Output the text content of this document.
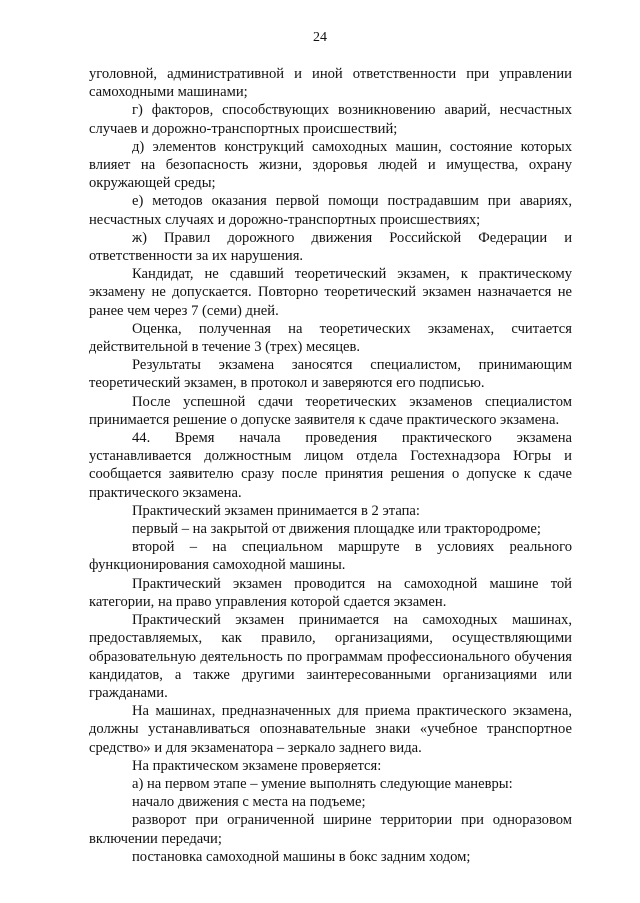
24

уголовной, административной и иной ответственности при управлении самоходными машинами;

г) факторов, способствующих возникновению аварий, несчастных случаев и дорожно-транспортных происшествий;

д) элементов конструкций самоходных машин, состояние которых влияет на безопасность жизни, здоровья людей и имущества, охрану окружающей среды;

е) методов оказания первой помощи пострадавшим при авариях, несчастных случаях и дорожно-транспортных происшествиях;

ж) Правил дорожного движения Российской Федерации и ответственности за их нарушения.

Кандидат, не сдавший теоретический экзамен, к практическому экзамену не допускается. Повторно теоретический экзамен назначается не ранее чем через 7 (семи) дней.

Оценка, полученная на теоретических экзаменах, считается действительной в течение 3 (трех) месяцев.

Результаты экзамена заносятся специалистом, принимающим теоретический экзамен, в протокол и заверяются его подписью.

После успешной сдачи теоретических экзаменов специалистом принимается решение о допуске заявителя к сдаче практического экзамена.

44. Время начала проведения практического экзамена устанавливается должностным лицом отдела Гостехнадзора Югры и сообщается заявителю сразу после принятия решения о допуске к сдаче практического экзамена.

Практический экзамен принимается в 2 этапа:

первый – на закрытой от движения площадке или трактородроме;

второй – на специальном маршруте в условиях реального функционирования самоходной машины.

Практический экзамен проводится на самоходной машине той категории, на право управления которой сдается экзамен.

Практический экзамен принимается на самоходных машинах, предоставляемых, как правило, организациями, осуществляющими образовательную деятельность по программам профессионального обучения кандидатов, а также другими заинтересованными организациями или гражданами.

На машинах, предназначенных для приема практического экзамена, должны устанавливаться опознавательные знаки «учебное транспортное средство» и для экзаменатора – зеркало заднего вида.

На практическом экзамене проверяется:

а) на первом этапе – умение выполнять следующие маневры:

начало движения с места на подъеме;

разворот при ограниченной ширине территории при одноразовом включении передачи;

постановка самоходной машины в бокс задним ходом;
